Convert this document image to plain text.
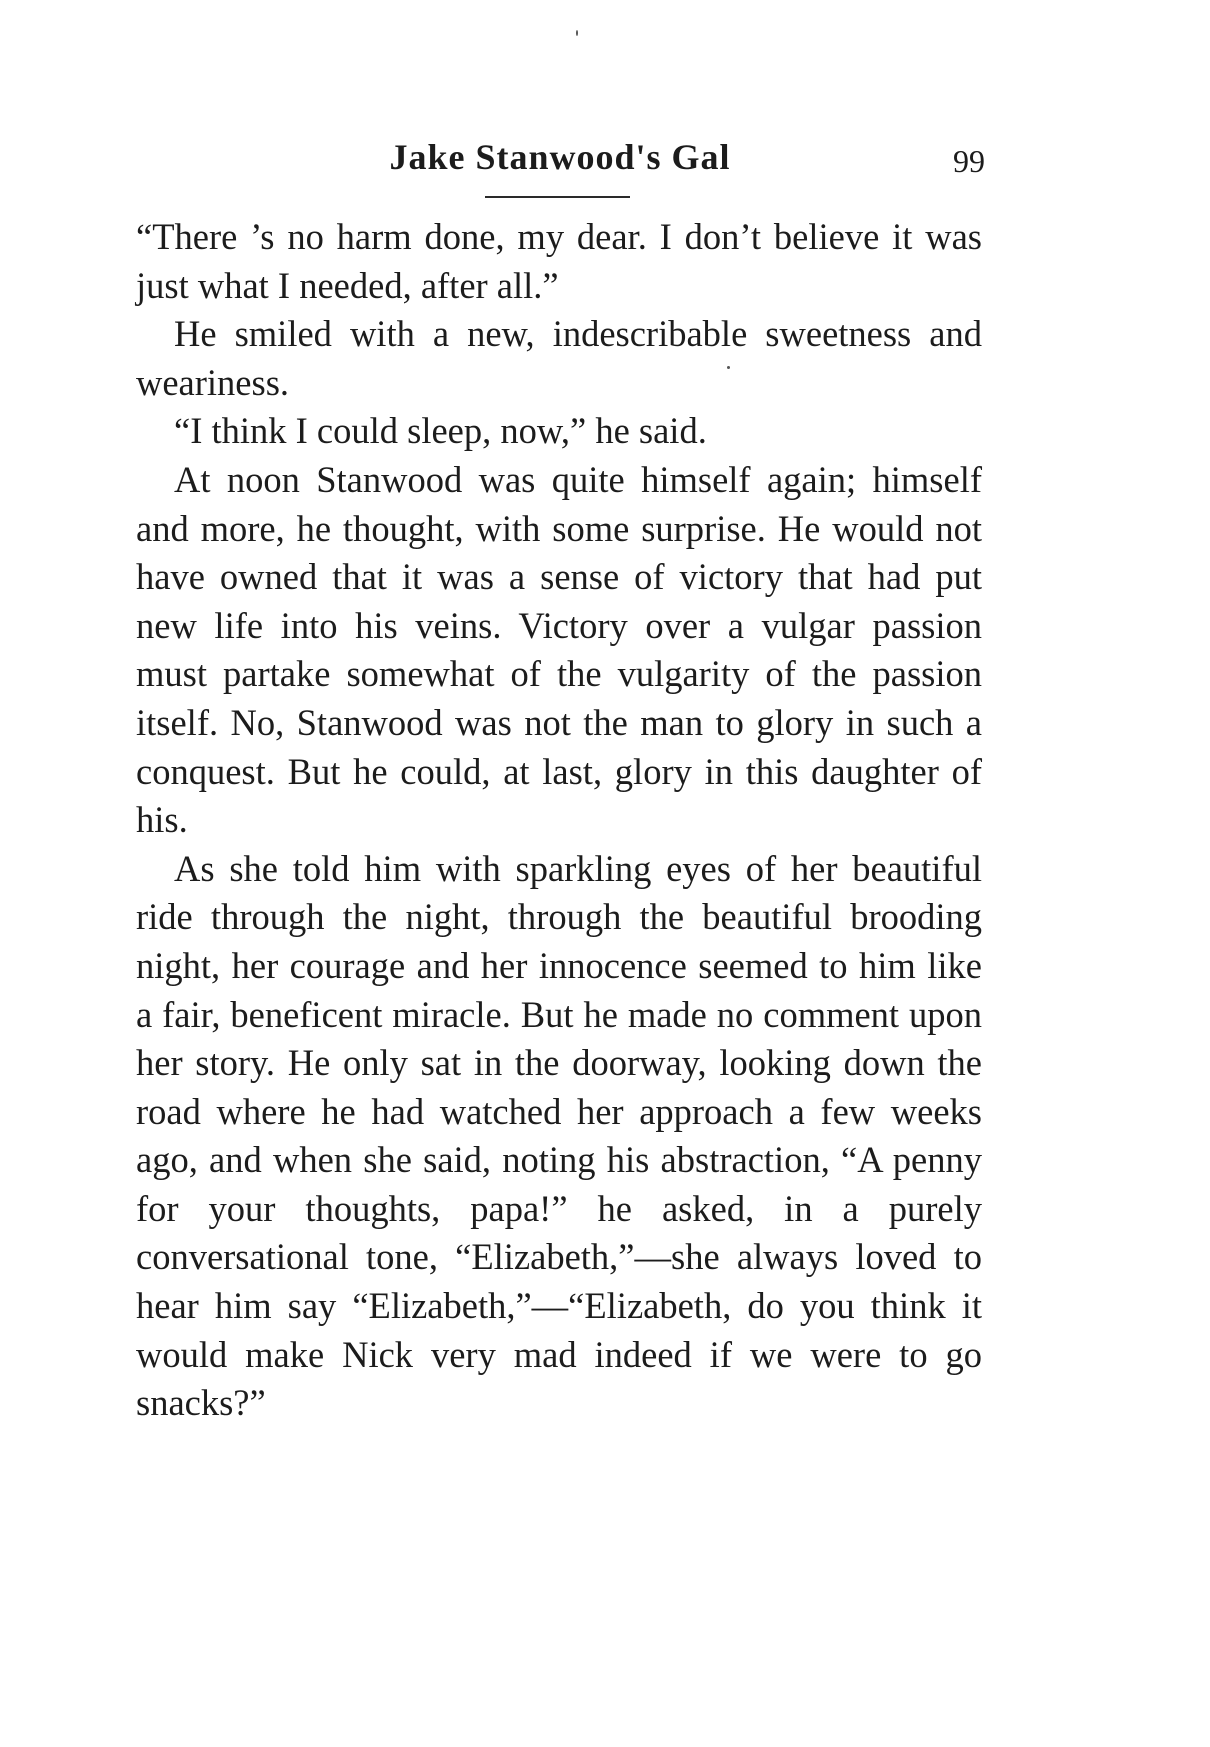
Jake Stanwood's Gal	99

“There ’s no harm done, my dear. I don’t believe it was just what I needed, after all.”

He smiled with a new, indescribable sweetness and weariness.

“I think I could sleep, now,” he said.

At noon Stanwood was quite himself again; himself and more, he thought, with some surprise. He would not have owned that it was a sense of victory that had put new life into his veins. Victory over a vulgar passion must partake somewhat of the vulgarity of the passion itself. No, Stanwood was not the man to glory in such a conquest. But he could, at last, glory in this daughter of his.

As she told him with sparkling eyes of her beautiful ride through the night, through the beautiful brooding night, her courage and her innocence seemed to him like a fair, beneficent miracle. But he made no comment upon her story. He only sat in the doorway, looking down the road where he had watched her approach a few weeks ago, and when she said, noting his abstraction, “A penny for your thoughts, papa!” he asked, in a purely conversational tone, “Elizabeth,”—she always loved to hear him say “Elizabeth,”—“Elizabeth, do you think it would make Nick very mad indeed if we were to go snacks?”
